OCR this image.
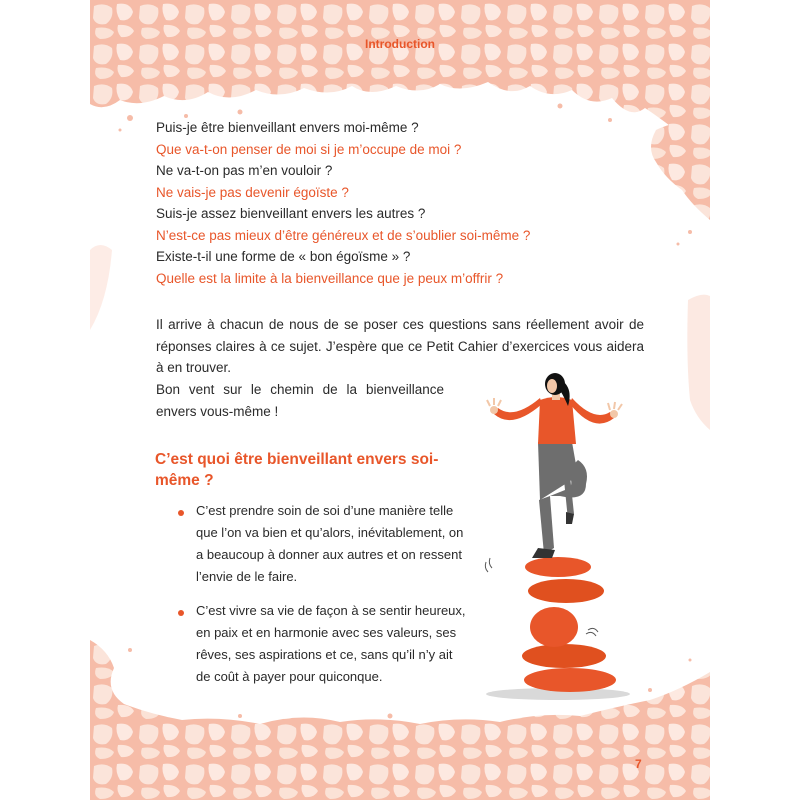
Introduction
Puis-je être bienveillant envers moi-même ?
Que va-t-on penser de moi si je m’occupe de moi ?
Ne va-t-on pas m’en vouloir ?
Ne vais-je pas devenir égoïste ?
Suis-je assez bienveillant envers les autres ?
N’est-ce pas mieux d’être généreux et de s’oublier soi-même ?
Existe-t-il une forme de « bon égoïsme » ?
Quelle est la limite à la bienveillance que je peux m’offrir ?
Il arrive à chacun de nous de se poser ces questions sans réellement avoir de réponses claires à ce sujet. J’espère que ce Petit Cahier d’exercices vous aidera à en trouver.
Bon vent sur le chemin de la bienveillance envers vous-même !
C’est quoi être bienveillant envers soi-même ?
C’est prendre soin de soi d’une manière telle que l’on va bien et qu’alors, inévitablement, on a beaucoup à donner aux autres et on ressent l’envie de le faire.
C’est vivre sa vie de façon à se sentir heureux, en paix et en harmonie avec ses valeurs, ses rêves, ses aspirations et ce, sans qu’il n’y ait de coût à payer pour quiconque.
7
